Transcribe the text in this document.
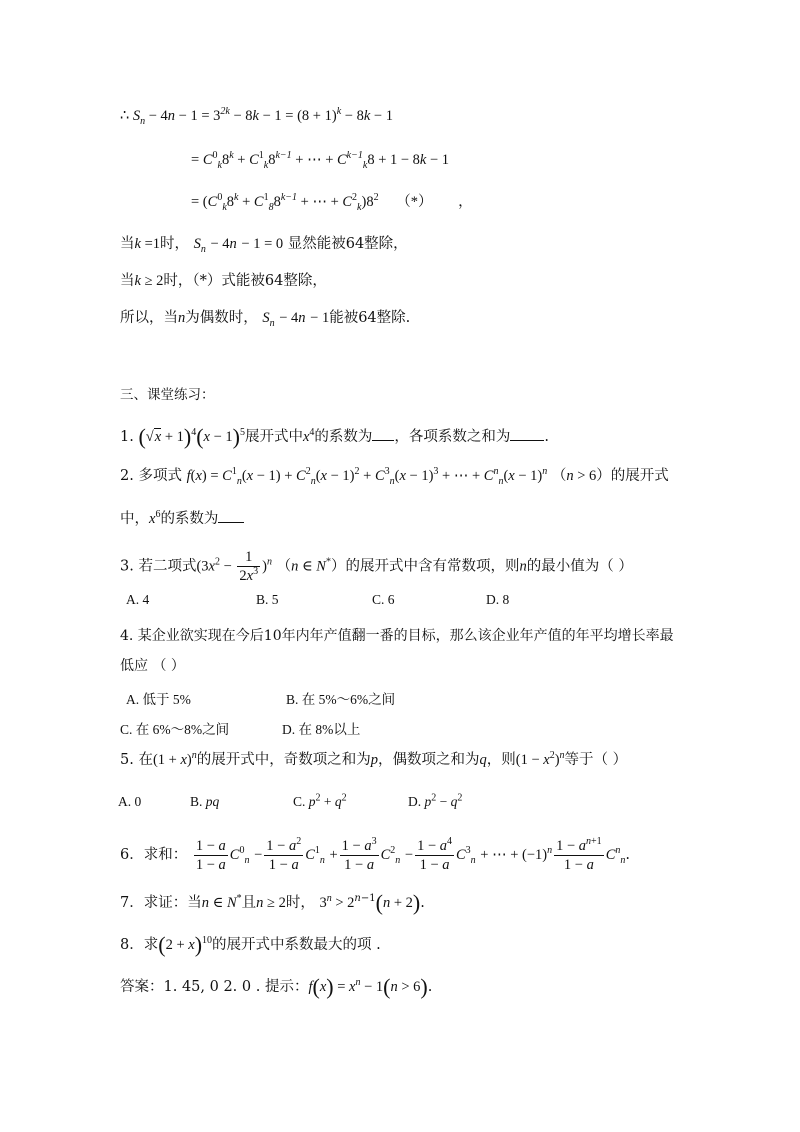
∴ $S_n - 4n - 1 = 3^{2k} - 8k - 1 = (8 + 1)^k - 8k - 1$
= $C^0_k8^k + C^1_k8^{k-1}$ + ⋯ + $C^{k-1}_k8 + 1 - 8k - 1$
= ($C^0_k8^k + C^1_88^{k-1}$ + ⋯ + $C^2_k)8^2$ （*） ，
当k =1时， $S_n - 4n - 1 = 0$ 显然能被64整除，
当k ≥ 2时，（*）式能被64整除，
所以，当n为偶数时， $S_n - 4n - 1$能被64整除.
三、课堂练习：
1. $(√x + 1)^4(x - 1)^5$展开式中$x^4$的系数为 ，各项系数之和为 .
2. 多项式 $f(x) = C^1_n(x - 1) + C^2_n(x - 1)^2 + C^3_n(x - 1)^3$ + ⋯ + $C^n_n(x - 1)^n$ （n > 6）的展开式
中，$x^6$的系数为
3. 若二项式$(3x^2 - \frac{1}{2x^3} )^n$ （n ∈ N*）的展开式中含有常数项，则n的最小值为（ ）
A. 4	B. 5	C. 6	D. 8
4. 某企业欲实现在今后10年内年产值翻一番的目标，那么该企业年产值的年平均增长率最
低应 （ ）
A. 低于 5%	B. 在 5%～6%之间
C. 在 6%～8%之间	D. 在 8%以上
5. 在$(1 + x)^n$的展开式中，奇数项之和为p，偶数项之和为q，则$(1 - x^2)^n$等于（ ）
A. 0	B. pq	C. $p^2 + q^2$	D. $p^2 - q^2$
6．求和： $\frac{1 - a}{1 - a} C^0_n - \frac{1 - a^2}{1 - a} C^1_n + \frac{1 - a^3}{1 - a} C^2_n - \frac{1 - a^4}{1 - a} C^3_n$ + ⋯ + $(-1)^n \frac{1 - a^{n+1}}{1 - a} C^n_n$.
7．求证：当n ∈ N*且n ≥ 2时， $3^n > 2^{n-1}(n + 2)$.
8．求$(2 + x)^{10}$的展开式中系数最大的项 .
答案：1. 45, 0 2. 0 . 提示：$f(x) = x^n - 1(n > 6)$.
